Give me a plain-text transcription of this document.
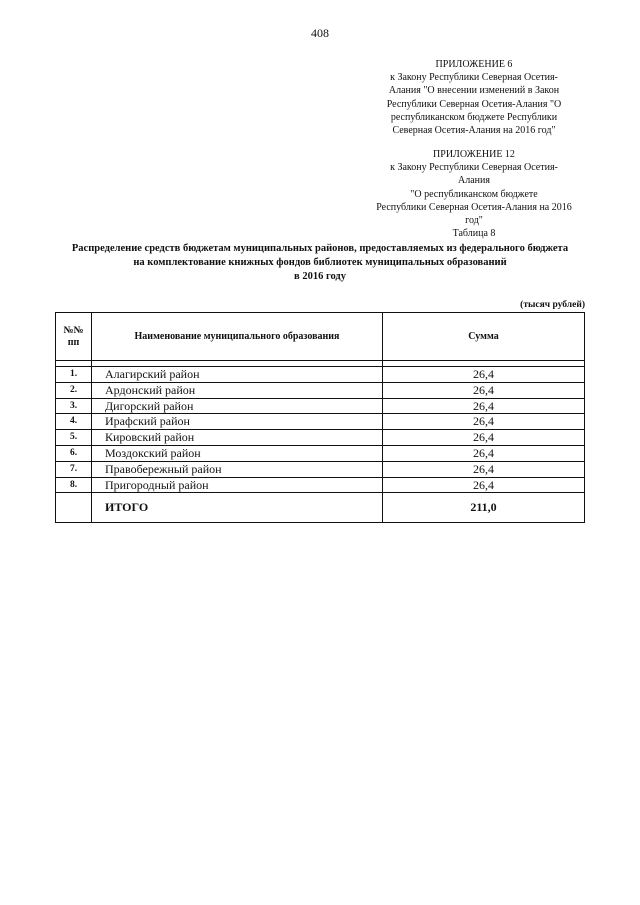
408
ПРИЛОЖЕНИЕ 6
к Закону Республики Северная Осетия-
Алания "О внесении изменений в Закон
Республики Северная Осетия-Алания "О
республиканском бюджете Республики
Северная Осетия-Алания на 2016 год"
ПРИЛОЖЕНИЕ 12
к Закону Республики Северная Осетия-
Алания
"О республиканском бюджете
Республики Северная Осетия-Алания на 2016
год"
Таблица 8
Распределение средств бюджетам муниципальных районов, предоставляемых из федерального бюджета
на комплектование книжных фондов библиотек муниципальных образований
в 2016 году
(тысяч рублей)
№№
пп	Наименование муниципального образования	Сумма

1.	Алагирский район	26,4
2.	Ардонский район	26,4
3.	Дигорский район	26,4
4.	Ирафский район	26,4
5.	Кировский район	26,4
6.	Моздокский район	26,4
7.	Правобережный район	26,4
8.	Пригородный район	26,4
	ИТОГО	211,0
